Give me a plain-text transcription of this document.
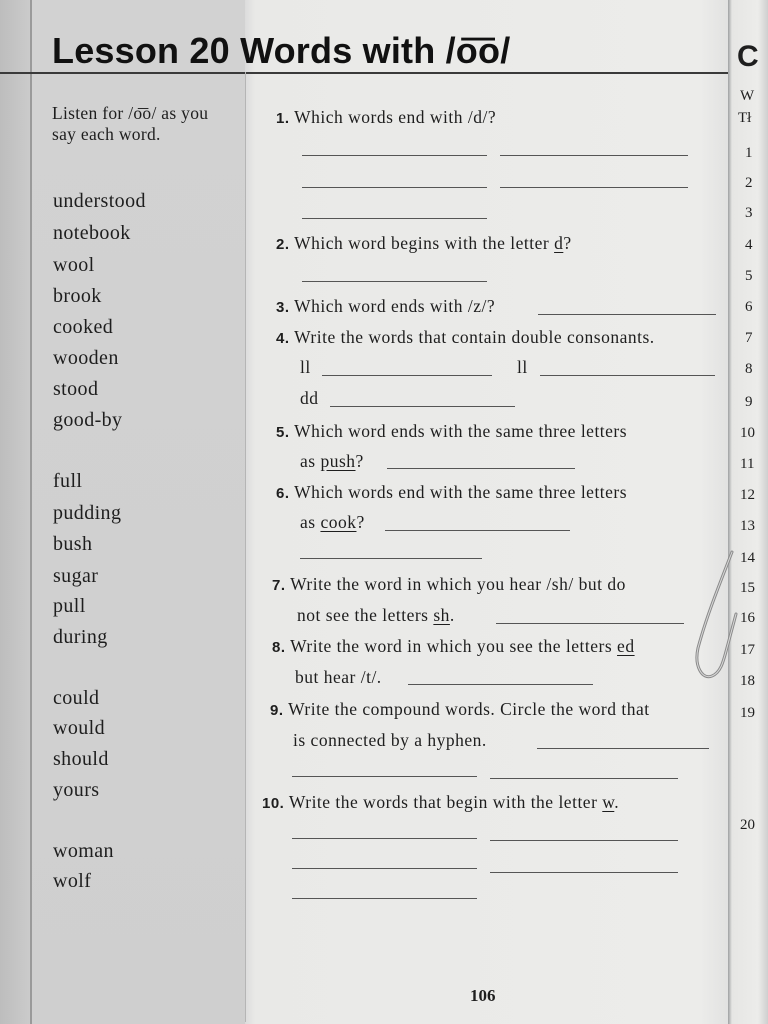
Lesson 20 Words with /o͞o/
Listen for /o͞o/ as you say each word.
understood
notebook
wool
brook
cooked
wooden
stood
good-by
full
pudding
bush
sugar
pull
during
could
would
should
yours
woman
wolf
1. Which words end with /d/?
2. Which word begins with the letter d?
3. Which word ends with /z/?
4. Write the words that contain double consonants.
ll	ll
dd
5. Which word ends with the same three letters
as push?
6. Which words end with the same three letters
as cook?
7. Write the word in which you hear /sh/ but do
not see the letters sh.
8. Write the word in which you see the letters ed
but hear /t/.
9. Write the compound words. Circle the word that
is connected by a hyphen.
10. Write the words that begin with the letter w.
106
C
W
Tł
1
2
3
4
5
6
7
8
9
10
11
12
13
14
15
16
17
18
19
20
